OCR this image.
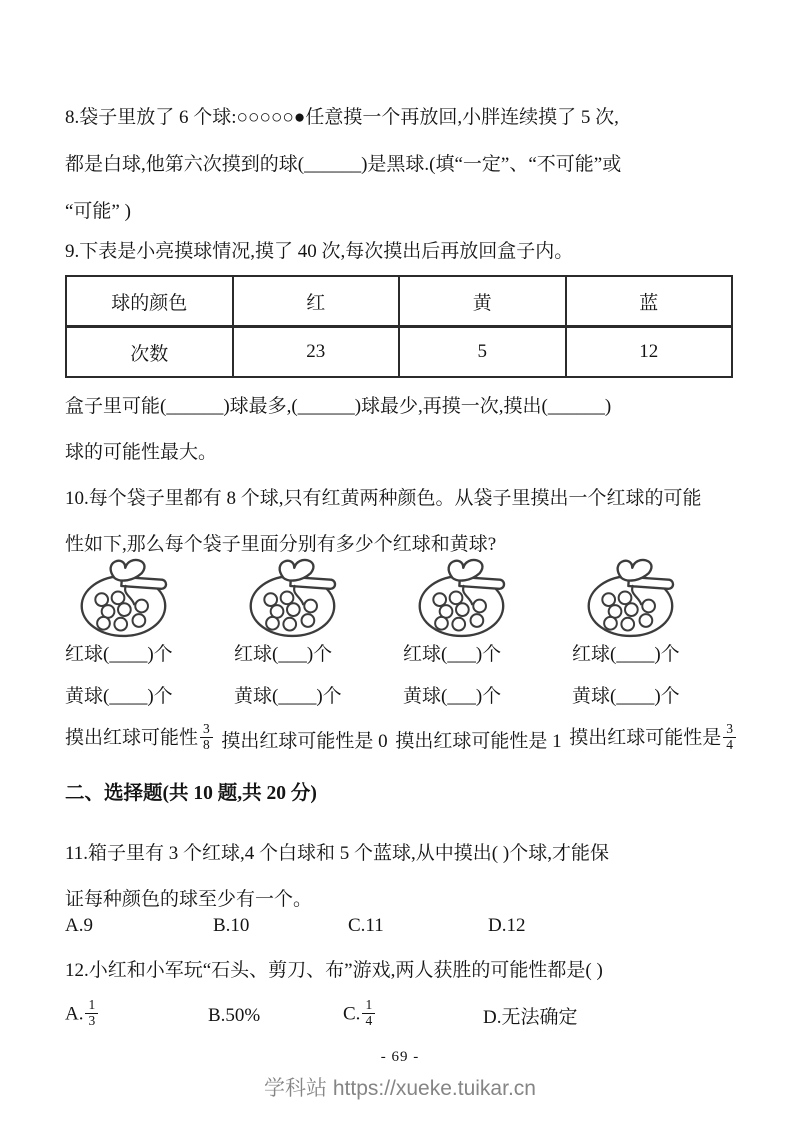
8.袋子里放了 6 个球:○○○○○●任意摸一个再放回,小胖连续摸了 5 次,
都是白球,他第六次摸到的球(______)是黑球.(填“一定”、“不可能”或
“可能” )
9.下表是小亮摸球情况,摸了 40 次,每次摸出后再放回盒子内。
球的颜色	红	黄	蓝
次数	23	5	12
盒子里可能(______)球最多,(______)球最少,再摸一次,摸出(______)
球的可能性最大。
10.每个袋子里都有 8 个球,只有红黄两种颜色。从袋子里摸出一个红球的可能
性如下,那么每个袋子里面分别有多少个红球和黄球?
红球(____)个	红球(___)个	红球(___)个	红球(____)个
黄球(____)个	黄球(____)个	黄球(___)个	黄球(____)个
摸出红球可能性 $\frac{3}{8}$ 摸出红球可能性是 0 摸出红球可能性是 1 摸出红球可能性是 $\frac{3}{4}$
二、选择题(共 10 题,共 20 分)
11.箱子里有 3 个红球,4 个白球和 5 个蓝球,从中摸出( )个球,才能保
证每种颜色的球至少有一个。
A.9	B.10	C.11	D.12
12.小红和小军玩“石头、剪刀、布”游戏,两人获胜的可能性都是( )
A. $\frac{1}{3}$	B.50%	C. $\frac{1}{4}$	D.无法确定
- 69 -
学科站 https://xueke.tuikar.cn
